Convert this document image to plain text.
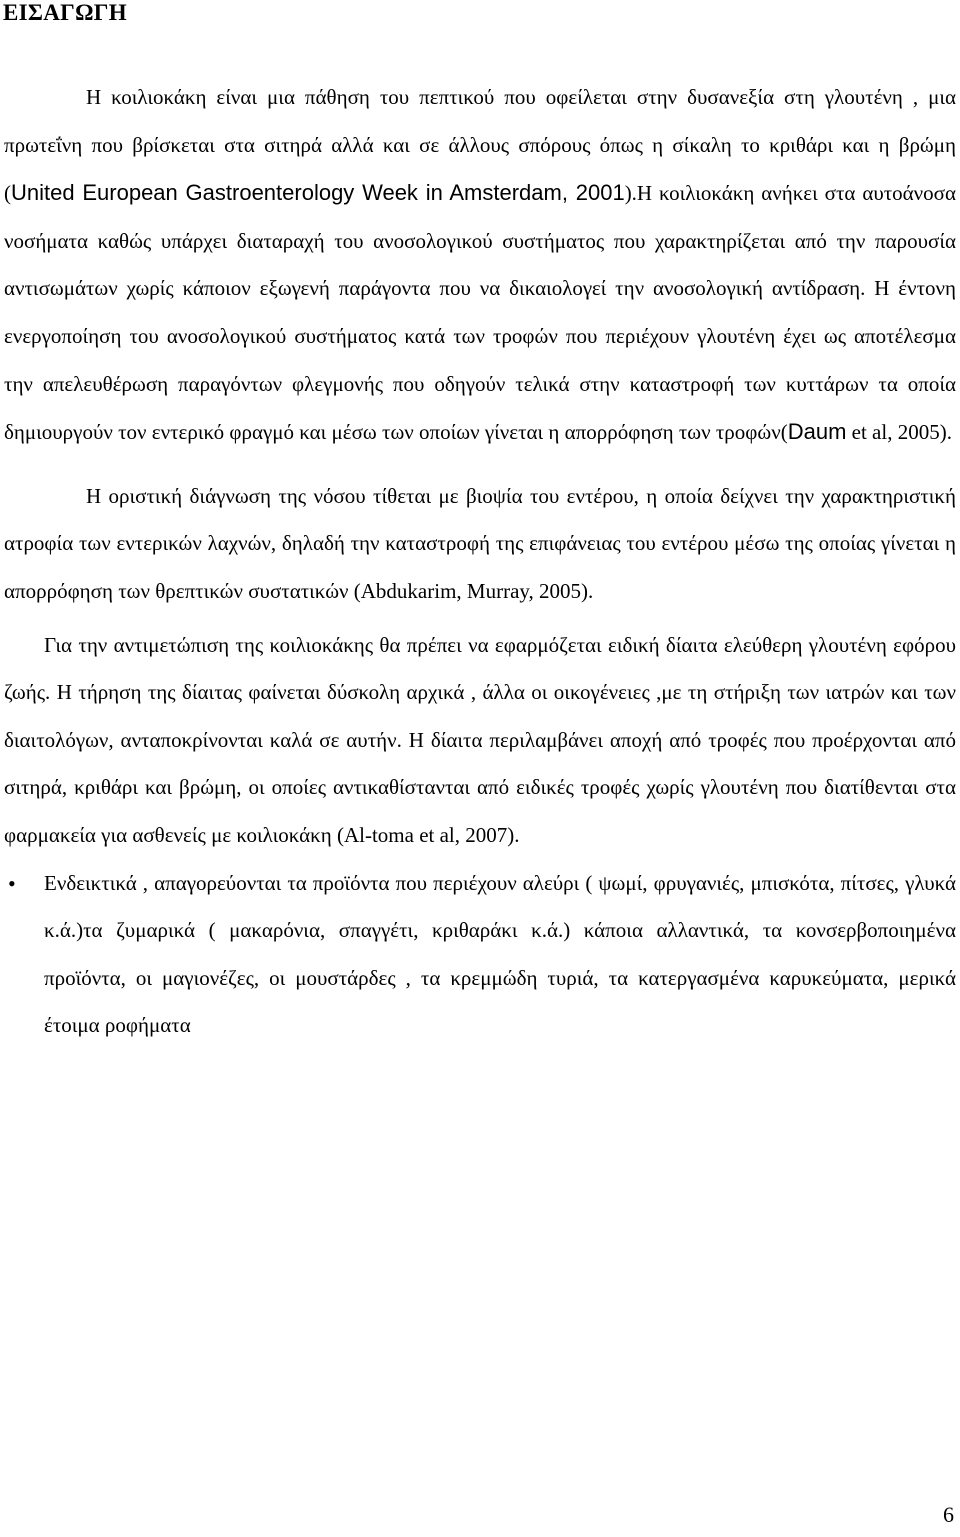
ΕΙΣΑΓΩΓΗ

Η κοιλιοκάκη είναι μια πάθηση του πεπτικού που οφείλεται στην δυσανεξία στη γλουτένη , μια πρωτεΐνη που βρίσκεται στα σιτηρά αλλά και σε άλλους σπόρους όπως η σίκαλη το κριθάρι και η βρώμη (United European Gastroenterology Week in Amsterdam, 2001).Η κοιλιοκάκη ανήκει στα αυτοάνοσα νοσήματα καθώς υπάρχει διαταραχή του ανοσολογικού συστήματος που χαρακτηρίζεται από την παρουσία αντισωμάτων χωρίς κάποιον εξωγενή παράγοντα που να δικαιολογεί την ανοσολογική αντίδραση. Η έντονη ενεργοποίηση του ανοσολογικού συστήματος κατά των τροφών που περιέχουν γλουτένη έχει ως αποτέλεσμα την απελευθέρωση παραγόντων φλεγμονής που οδηγούν τελικά στην καταστροφή των κυττάρων τα οποία δημιουργούν τον εντερικό φραγμό και μέσω των οποίων γίνεται η απορρόφηση των τροφών(Daum et al, 2005).

Η οριστική διάγνωση της νόσου τίθεται με βιοψία του εντέρου, η οποία δείχνει την χαρακτηριστική ατροφία των εντερικών λαχνών, δηλαδή την καταστροφή της επιφάνειας του εντέρου μέσω της οποίας γίνεται η απορρόφηση των θρεπτικών συστατικών (Abdukarim, Murray, 2005).

Για την αντιμετώπιση της κοιλιοκάκης θα πρέπει να εφαρμόζεται ειδική δίαιτα ελεύθερη γλουτένη εφόρου ζωής. Η τήρηση της δίαιτας φαίνεται δύσκολη αρχικά , άλλα οι οικογένειες ,με τη στήριξη των ιατρών και των διαιτολόγων, ανταποκρίνονται καλά σε αυτήν. Η δίαιτα περιλαμβάνει αποχή από τροφές που προέρχονται από σιτηρά, κριθάρι και βρώμη, οι οποίες αντικαθίστανται από ειδικές τροφές χωρίς γλουτένη που διατίθενται στα φαρμακεία για ασθενείς με κοιλιοκάκη (Al-toma et al, 2007).

• Ενδεικτικά , απαγορεύονται τα προϊόντα που περιέχουν αλεύρι ( ψωμί, φρυγανιές, μπισκότα, πίτσες, γλυκά κ.ά.)τα ζυμαρικά ( μακαρόνια, σπαγγέτι, κριθαράκι κ.ά.) κάποια αλλαντικά, τα κονσερβοποιημένα προϊόντα, οι μαγιονέζες, οι μουστάρδες , τα κρεμμώδη τυριά, τα κατεργασμένα καρυκεύματα, μερικά έτοιμα ροφήματα

6
